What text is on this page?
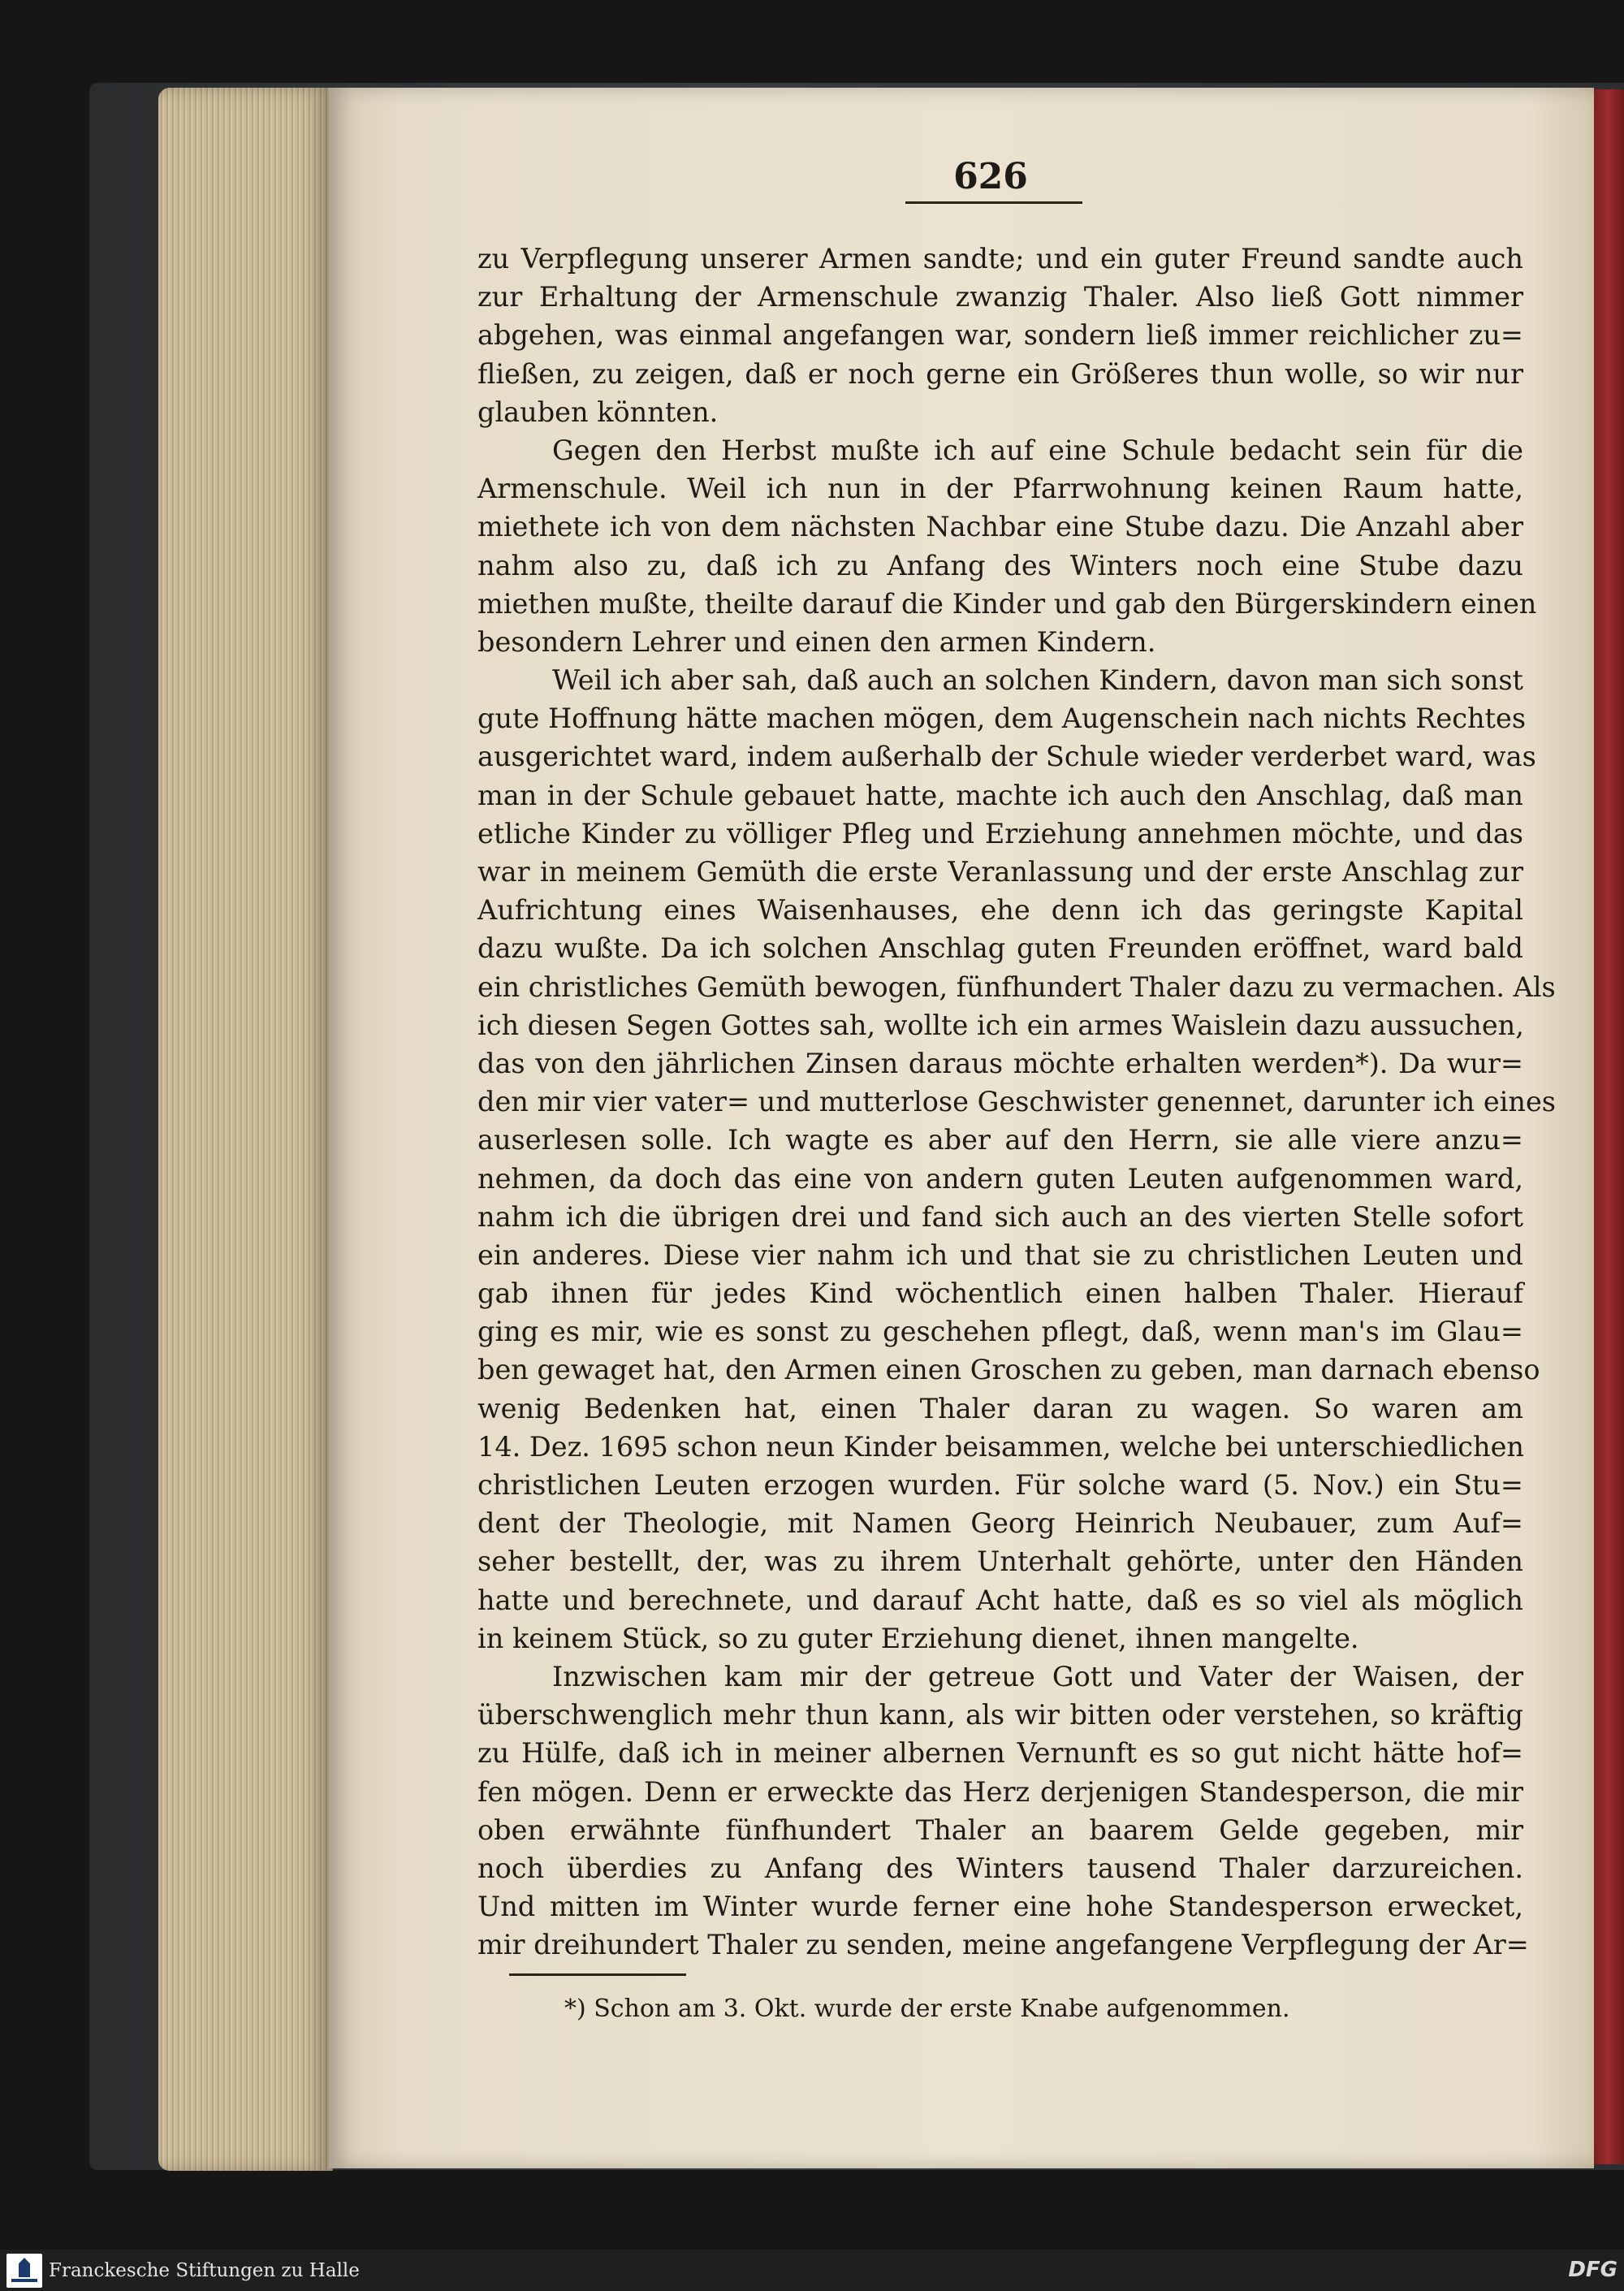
626

zu Verpflegung unserer Armen sandte; und ein guter Freund sandte auch

zur Erhaltung der Armenschule zwanzig Thaler. Also ließ Gott nimmer

abgehen, was einmal angefangen war, sondern ließ immer reichlicher zu=

fließen, zu zeigen, daß er noch gerne ein Größeres thun wolle, so wir nur

glauben könnten.

Gegen den Herbst mußte ich auf eine Schule bedacht sein für die

Armenschule. Weil ich nun in der Pfarrwohnung keinen Raum hatte,

miethete ich von dem nächsten Nachbar eine Stube dazu. Die Anzahl aber

nahm also zu, daß ich zu Anfang des Winters noch eine Stube dazu

miethen mußte, theilte darauf die Kinder und gab den Bürgerskindern einen

besondern Lehrer und einen den armen Kindern.

Weil ich aber sah, daß auch an solchen Kindern, davon man sich sonst

gute Hoffnung hätte machen mögen, dem Augenschein nach nichts Rechtes

ausgerichtet ward, indem außerhalb der Schule wieder verderbet ward, was

man in der Schule gebauet hatte, machte ich auch den Anschlag, daß man

etliche Kinder zu völliger Pfleg und Erziehung annehmen möchte, und das

war in meinem Gemüth die erste Veranlassung und der erste Anschlag zur

Aufrichtung eines Waisenhauses, ehe denn ich das geringste Kapital

dazu wußte. Da ich solchen Anschlag guten Freunden eröffnet, ward bald

ein christliches Gemüth bewogen, fünfhundert Thaler dazu zu vermachen. Als

ich diesen Segen Gottes sah, wollte ich ein armes Waislein dazu aussuchen,

das von den jährlichen Zinsen daraus möchte erhalten werden*). Da wur=

den mir vier vater= und mutterlose Geschwister genennet, darunter ich eines

auserlesen solle. Ich wagte es aber auf den Herrn, sie alle viere anzu=

nehmen, da doch das eine von andern guten Leuten aufgenommen ward,

nahm ich die übrigen drei und fand sich auch an des vierten Stelle sofort

ein anderes. Diese vier nahm ich und that sie zu christlichen Leuten und

gab ihnen für jedes Kind wöchentlich einen halben Thaler. Hierauf

ging es mir, wie es sonst zu geschehen pflegt, daß, wenn man's im Glau=

ben gewaget hat, den Armen einen Groschen zu geben, man darnach ebenso

wenig Bedenken hat, einen Thaler daran zu wagen. So waren am

14. Dez. 1695 schon neun Kinder beisammen, welche bei unterschiedlichen

christlichen Leuten erzogen wurden. Für solche ward (5. Nov.) ein Stu=

dent der Theologie, mit Namen Georg Heinrich Neubauer, zum Auf=

seher bestellt, der, was zu ihrem Unterhalt gehörte, unter den Händen

hatte und berechnete, und darauf Acht hatte, daß es so viel als möglich

in keinem Stück, so zu guter Erziehung dienet, ihnen mangelte.

Inzwischen kam mir der getreue Gott und Vater der Waisen, der

überschwenglich mehr thun kann, als wir bitten oder verstehen, so kräftig

zu Hülfe, daß ich in meiner albernen Vernunft es so gut nicht hätte hof=

fen mögen. Denn er erweckte das Herz derjenigen Standesperson, die mir

oben erwähnte fünfhundert Thaler an baarem Gelde gegeben, mir

noch überdies zu Anfang des Winters tausend Thaler darzureichen.

Und mitten im Winter wurde ferner eine hohe Standesperson erwecket,

mir dreihundert Thaler zu senden, meine angefangene Verpflegung der Ar=

*) Schon am 3. Okt. wurde der erste Knabe aufgenommen.

Franckesche Stiftungen zu Halle	DFG
